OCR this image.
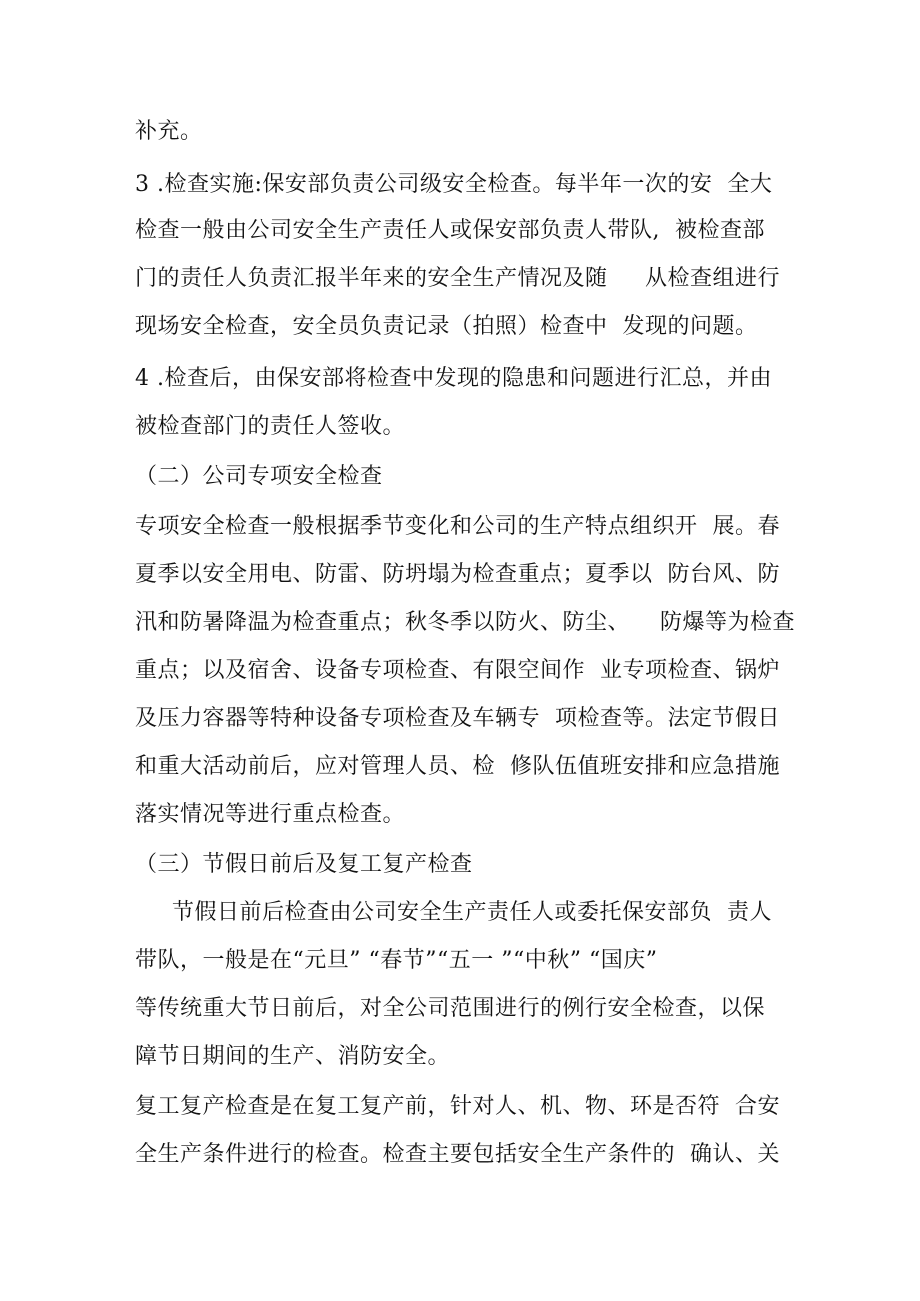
补充。
3 .检查实施:保安部负责公司级安全检查。每半年一次的安  全大
检查一般由公司安全生产责任人或保安部负责人带队,  被检查部
门的责任人负责汇报半年来的安全生产情况及随     从检查组进行
现场安全检查，安全员负责记录（拍照）检查中  发现的问题。
4 .检查后，由保安部将检查中发现的隐患和问题进行汇总，并由
被检查部门的责任人签收。
（二）公司专项安全检查
专项安全检查一般根据季节变化和公司的生产特点组织开  展。春
夏季以安全用电、防雷、防坍塌为检查重点；夏季以  防台风、防
汛和防暑降温为检查重点；秋冬季以防火、防尘、    防爆等为检查
重点；以及宿舍、设备专项检查、有限空间作  业专项检查、锅炉
及压力容器等特种设备专项检查及车辆专  项检查等。法定节假日
和重大活动前后，应对管理人员、检  修队伍值班安排和应急措施
落实情况等进行重点检查。
（三）节假日前后及复工复产检查
节假日前后检查由公司安全生产责任人或委托保安部负  责人
带队，一般是在“元旦” “春节”“五一 ”“中秋” “国庆”
等传统重大节日前后，对全公司范围进行的例行安全检查，以保
障节日期间的生产、消防安全。
复工复产检查是在复工复产前，针对人、机、物、环是否符  合安
全生产条件进行的检查。检查主要包括安全生产条件的  确认、关
